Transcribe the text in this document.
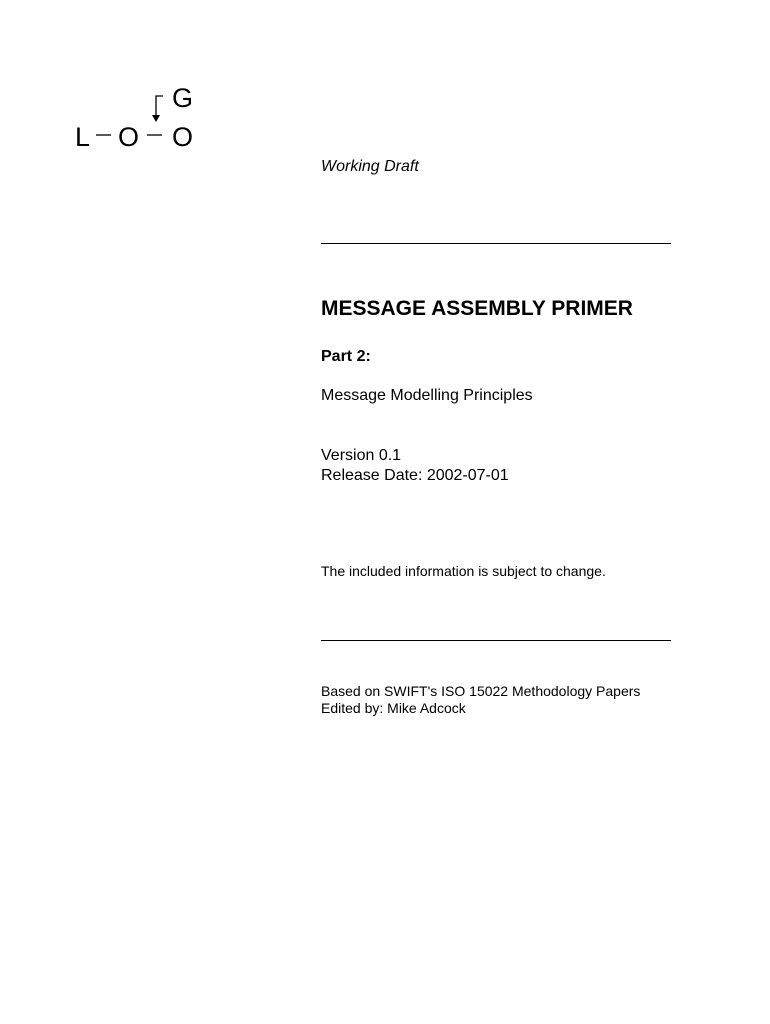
L O O
G
Working Draft
MESSAGE ASSEMBLY PRIMER
Part 2:
Message Modelling Principles
Version 0.1
Release Date: 2002-07-01
The included information is subject to change.
Based on SWIFT's ISO 15022 Methodology Papers
Edited by: Mike Adcock
